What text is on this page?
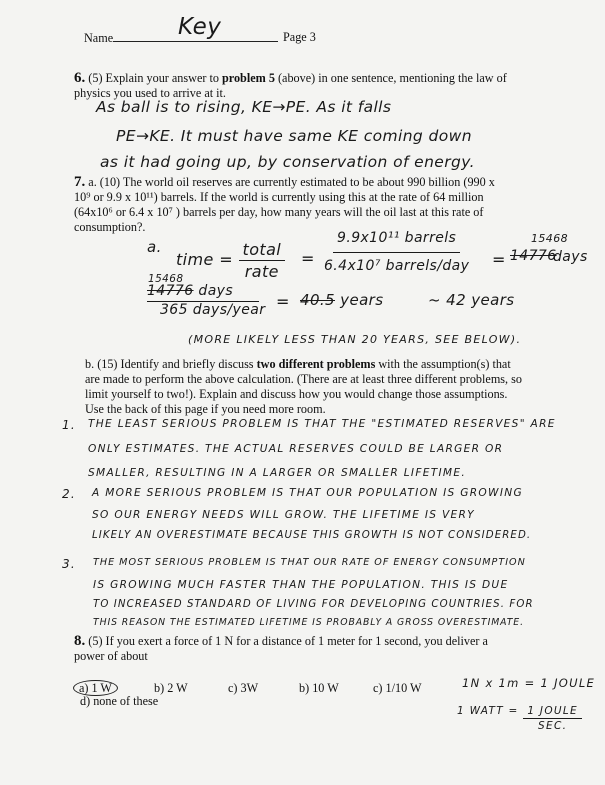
Name	Key	Page 3
6. (5) Explain your answer to problem 5 (above) in one sentence, mentioning the law of
physics you used to arrive at it.
As ball is to rising, KE→PE. As it falls
PE→KE. It must have same KE coming down
as it had going up, by conservation of energy.
7. a. (10) The world oil reserves are currently estimated to be about 990 billion (990 x
10⁹ or 9.9 x 10¹¹) barrels. If the world is currently using this at the rate of 64 million
(64x10⁶ or 6.4 x 10⁷ ) barrels per day, how many years will the oil last at this rate of
consumption?.
a.
time = $\frac{\text{total}}{\text{rate}} = \frac{\text{9.9x10¹¹ barrels}}{\text{6.4x10⁷ barrels/day}}$ =
15468
14776
days
15468
14776 days
365 days/year = 40.5 years	~ 42 years
(MORE LIKELY LESS THAN 20 YEARS, SEE BELOW).
b. (15) Identify and briefly discuss two different problems with the assumption(s) that
are made to perform the above calculation. (There are at least three different problems, so
limit yourself to two!). Explain and discuss how you would change those assumptions.
Use the back of this page if you need more room.
1. THE LEAST SERIOUS PROBLEM IS THAT THE "ESTIMATED RESERVES" ARE
ONLY ESTIMATES. THE ACTUAL RESERVES COULD BE LARGER OR
SMALLER, RESULTING IN A LARGER OR SMALLER LIFETIME.
2. A MORE SERIOUS PROBLEM IS THAT OUR POPULATION IS GROWING
SO OUR ENERGY NEEDS WILL GROW. THE LIFETIME IS VERY
LIKELY AN OVERESTIMATE BECAUSE THIS GROWTH IS NOT CONSIDERED.
3. THE MOST SERIOUS PROBLEM IS THAT OUR RATE OF ENERGY CONSUMPTION
IS GROWING MUCH FASTER THAN THE POPULATION. THIS IS DUE
TO INCREASED STANDARD OF LIVING FOR DEVELOPING COUNTRIES. FOR
THIS REASON THE ESTIMATED LIFETIME IS PROBABLY A GROSS OVERESTIMATE.
8. (5) If you exert a force of 1 N for a distance of 1 meter for 1 second, you deliver a
power of about
a) 1 W	b) 2 W	c) 3W	b) 10 W	c) 1/10 W
d) none of these
1N x 1m = 1 JOULE
1 WATT = $\frac{\text{1 JOULE}}{\text{SEC.}}$
